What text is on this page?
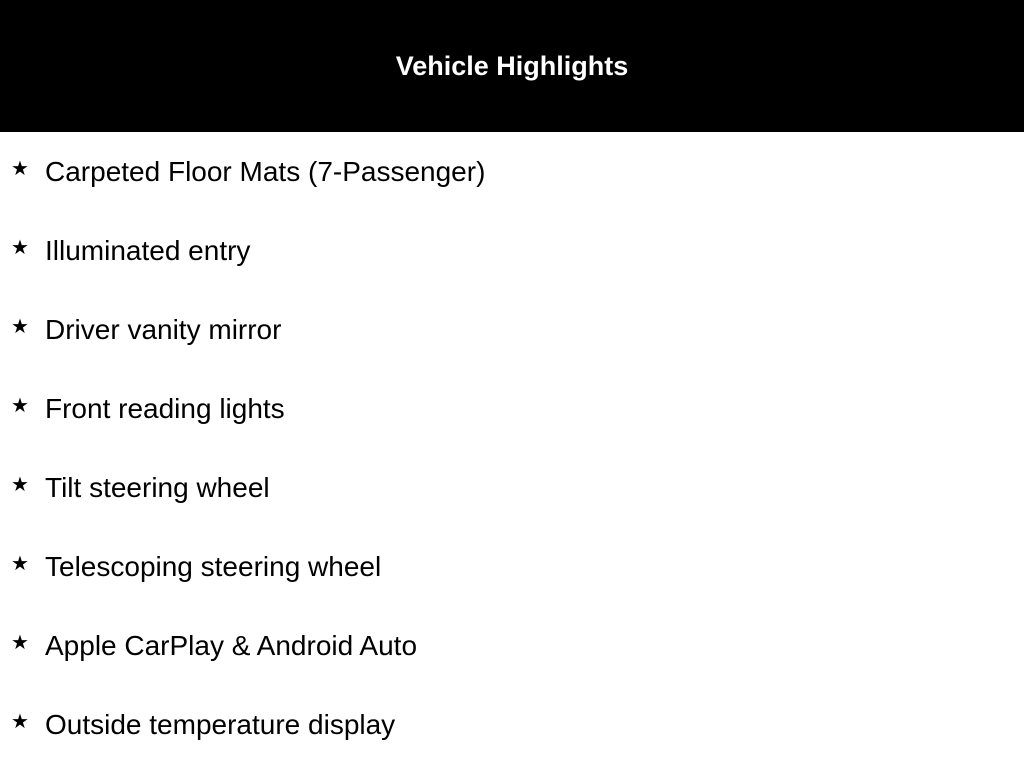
Vehicle Highlights
★ Carpeted Floor Mats (7-Passenger)
★ Illuminated entry
★ Driver vanity mirror
★ Front reading lights
★ Tilt steering wheel
★ Telescoping steering wheel
★ Apple CarPlay & Android Auto
★ Outside temperature display
